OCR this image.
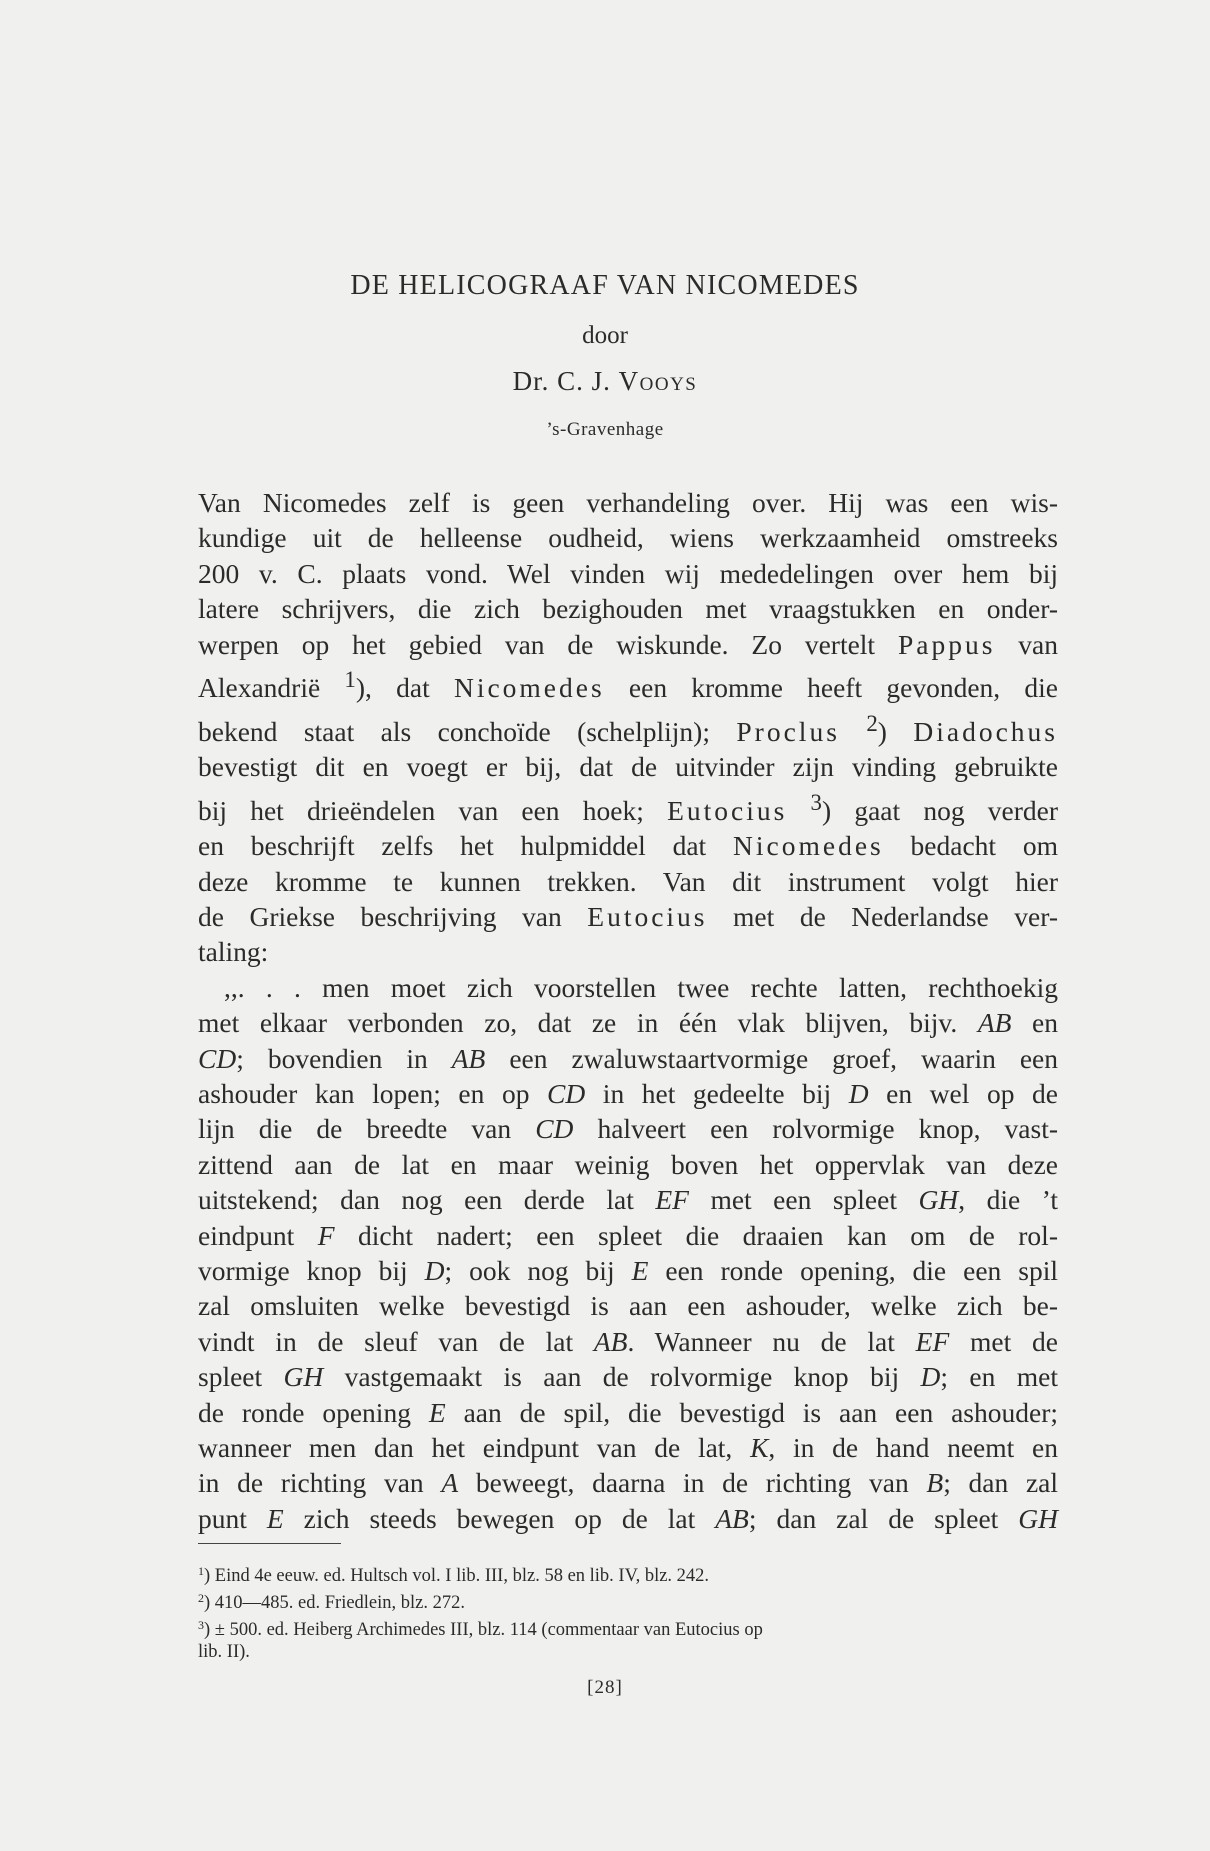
DE HELICOGRAAF VAN NICOMEDES
door
Dr. C. J. Vooys
’s-Gravenhage

Van Nicomedes zelf is geen verhandeling over. Hij was een wis-

kundige uit de helleense oudheid, wiens werkzaamheid omstreeks

200 v. C. plaats vond. Wel vinden wij mededelingen over hem bij

latere schrijvers, die zich bezighouden met vraagstukken en onder-

werpen op het gebied van de wiskunde. Zo vertelt Pappus van

Alexandrië $^1$), dat Nicomedes een kromme heeft gevonden, die

bekend staat als conchoïde (schelplijn); Proclus $^2$) Diadochus

bevestigt dit en voegt er bij, dat de uitvinder zijn vinding gebruikte

bij het drieëndelen van een hoek; Eutocius $^3$) gaat nog verder

en beschrijft zelfs het hulpmiddel dat Nicomedes bedacht om

deze kromme te kunnen trekken. Van dit instrument volgt hier

de Griekse beschrijving van Eutocius met de Nederlandse ver-

taling:

,,. . . men moet zich voorstellen twee rechte latten, rechthoekig

met elkaar verbonden zo, dat ze in één vlak blijven, bijv. AB en

CD; bovendien in AB een zwaluwstaartvormige groef, waarin een

ashouder kan lopen; en op CD in het gedeelte bij D en wel op de

lijn die de breedte van CD halveert een rolvormige knop, vast-

zittend aan de lat en maar weinig boven het oppervlak van deze

uitstekend; dan nog een derde lat EF met een spleet GH, die ’t

eindpunt F dicht nadert; een spleet die draaien kan om de rol-

vormige knop bij D; ook nog bij E een ronde opening, die een spil

zal omsluiten welke bevestigd is aan een ashouder, welke zich be-

vindt in de sleuf van de lat AB. Wanneer nu de lat EF met de

spleet GH vastgemaakt is aan de rolvormige knop bij D; en met

de ronde opening E aan de spil, die bevestigd is aan een ashouder;

wanneer men dan het eindpunt van de lat, K, in de hand neemt en

in de richting van A beweegt, daarna in de richting van B; dan zal

punt E zich steeds bewegen op de lat AB; dan zal de spleet GH

$^1$) Eind 4e eeuw. ed. Hultsch vol. I lib. III, blz. 58 en lib. IV, blz. 242.

$^2$) 410—485. ed. Friedlein, blz. 272.

$^3$) ± 500. ed. Heiberg Archimedes III, blz. 114 (commentaar van Eutocius op

lib. II).

[28]
